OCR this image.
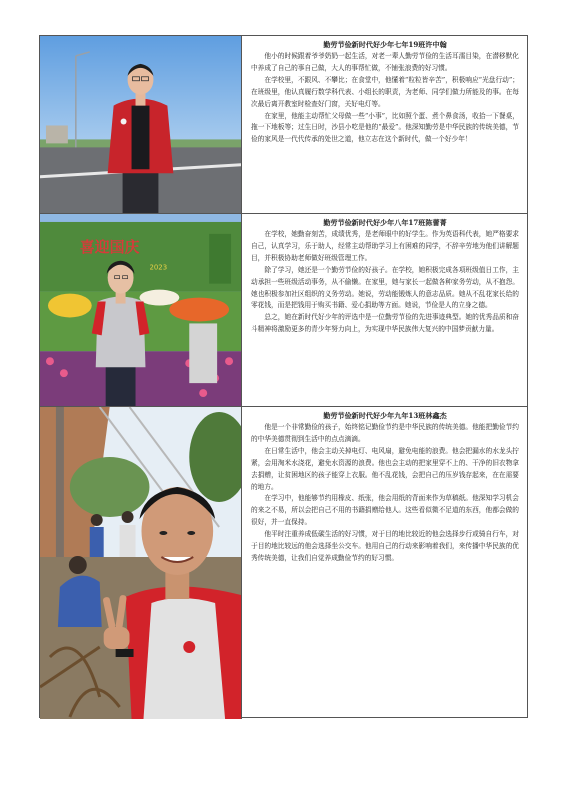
勤劳节俭新时代好少年七年19班许中翰

他小的时候跟着爷爷奶奶一起生活，对老一辈人勤劳节俭的生活耳濡目染，在潜移默化中养成了自己的事自己做，大人的事帮忙做，不铺张浪费的好习惯。

在学校里，不跟风、不攀比；在食堂中，他懂着“粒粒皆辛苦”，积极响应“光盘行动”；在班级里，他认真履行数学科代表、小组长的职责，为老师、同学们做力所能及的事。在每次最后离开教室时检查好门窗，关好电灯等。

在家里，他能主动帮忙父母做一些“小事”，比如照个蛋、煮个鼻食汤，收拾一下餐桌，拖一下地板等；过生日时，沙县小吃是他的“最爱”。他深知勤劳是中华民族的传统美德，节俭的家风是一代代传承的处世之道，他立志在这个新时代，做一个好少年！

喜迎国庆
2023

勤劳节俭新时代好少年八年17班陈蕾菁

在学校，她勤奋刻苦，成绩优秀，是老师眼中的好学生。作为英语科代表，她严格要求自己，认真学习，乐于助人，经常主动帮助学习上有困难的同学，不辞辛劳地为他们讲解题目，并积极协助老师做好班级管理工作。

除了学习，她还是一个勤劳节俭的好孩子。在学校，她积极完成各项班级值日工作，主动承担一些班级活动事务，从不偷懒。在家里，她与家长一起做各种家务劳动，从不抱怨。她也积极参加社区组织的义务劳动。她说，劳动能锻炼人的意志品质。她从不乱花家长给的零花钱，而是把钱用于购买书籍、爱心捐助等方面。她说，节俭是人的立身之德。

总之，她在新时代好少年的评选中是一位勤劳节俭的先进事迹典型。她的优秀品质和奋斗精神将激励更多的青少年努力向上，为实现中华民族伟大复兴的中国梦贡献力量。

勤劳节俭新时代好少年九年13班林鑫杰

他是一个非常勤俭的孩子，始终铭记勤俭节约是中华民族的传统美德。他能把勤俭节约的中华美德贯彻到生活中的点点滴滴。

在日常生活中，他会主动关掉电灯、电风扇，避免电能的浪费。他会把漏水的水龙头拧紧，会用淘米水浇花，避免水资源的浪费。他也会主动的把家里穿不上的、干净的旧衣物拿去捐赠，让贫困地区的孩子能穿上衣服。他不乱花钱，会把自己的压岁钱存起来，在在需要的地方。

在学习中，他能够节约用橡皮、纸张，他会用纸的背面来作为草稿纸。他深知学习机会的来之不易，所以会把自己不用的书籍捐赠给他人。这些看似微不足道的东西，他都会做的很好，并一直保持。

他平时注重养成低碳生活的好习惯，对于目的地比较近的他会选择步行或骑自行车，对于目的地比较远的他会选择坐公交车。他用自己的行动来影响着我们，来传播中华民族的优秀传统美德，让我们自觉养成勤俭节约的好习惯。
